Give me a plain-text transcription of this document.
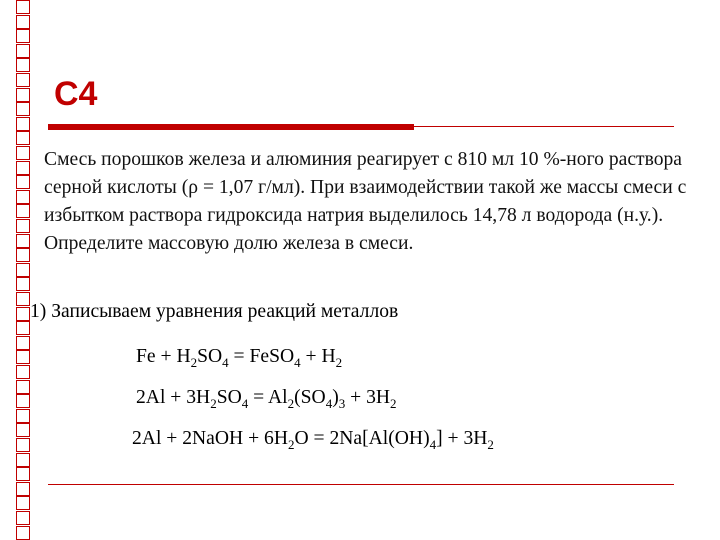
С4

Смесь порошков железа и алюминия реагирует с 810 мл 10 %-ного раствора серной кислоты (ρ = 1,07 г/мл). При взаимодействии такой же массы смеси с избытком раствора гидроксида натрия выделилось 14,78 л водорода (н.у.). Определите массовую долю железа в смеси.

1) Записываем уравнения реакций металлов

$Fe + H_2SO_4$ = FeSO$_4$ + $H_2$

$2Al + 3H_2SO_4 = Al_2(SO_4)_3 + 3H_2$

2Al + 2NaOH + $6H_2O = 2Na[Al(OH)_4] + 3H_2$
